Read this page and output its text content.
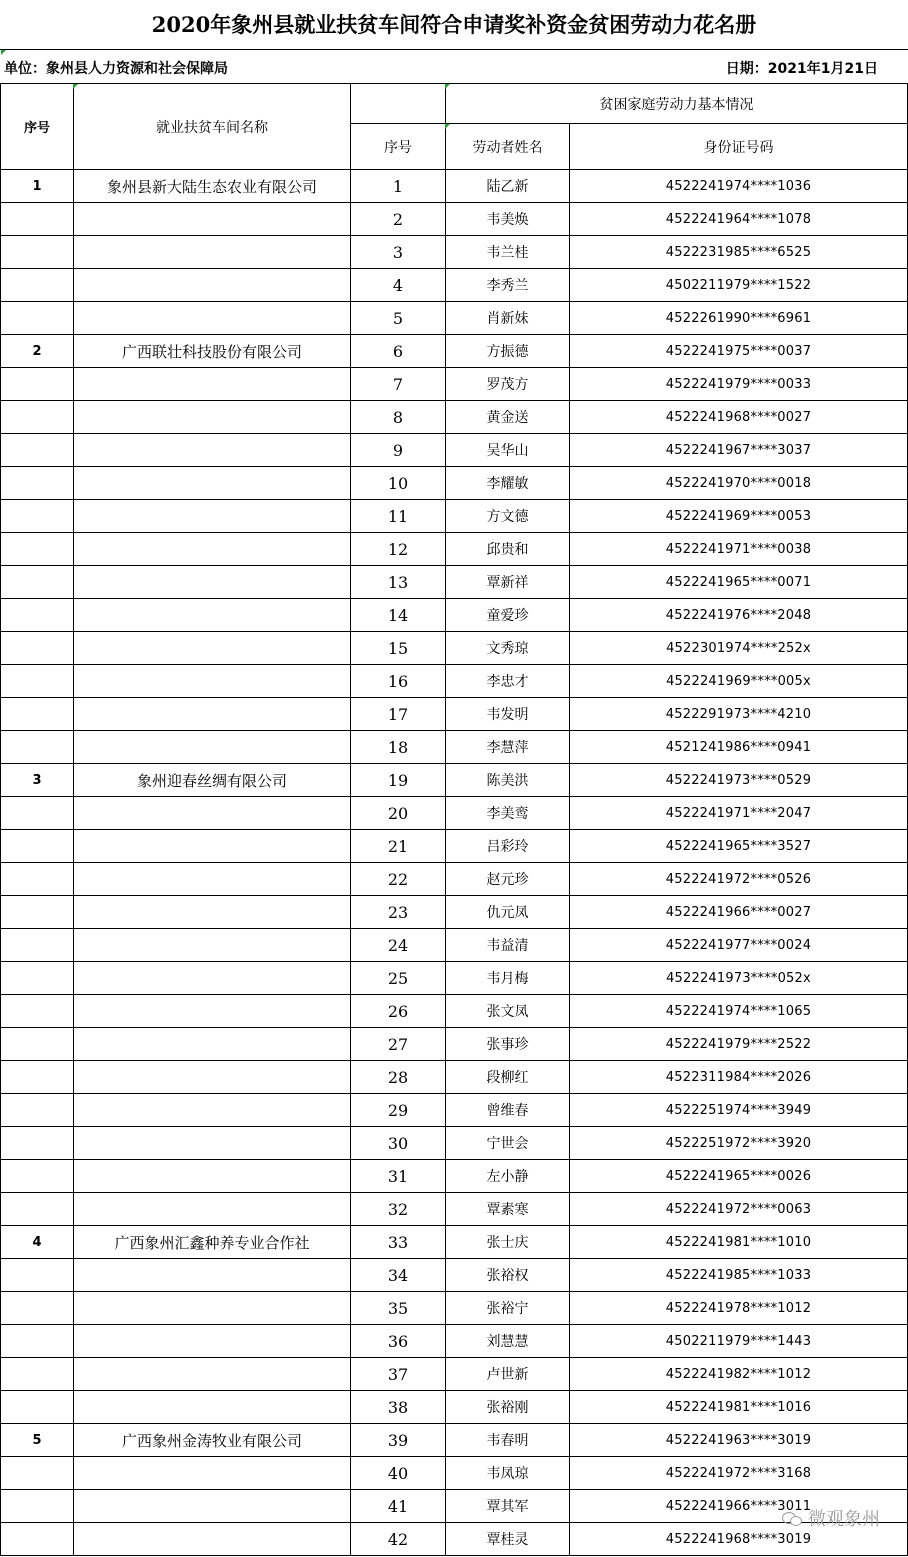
2020年象州县就业扶贫车间符合申请奖补资金贫困劳动力花名册
单位：象州县人力资源和社会保障局	日期：2021年1月21日
序号	就业扶贫车间名称		贫困家庭劳动力基本情况	
		序号	劳动者姓名	身份证号码
1	象州县新大陆生态农业有限公司	1	陆乙新	4522241974****1036
		2	韦美焕	4522241964****1078
		3	韦兰桂	4522231985****6525
		4	李秀兰	4502211979****1522
		5	肖新妹	4522261990****6961
2	广西联壮科技股份有限公司	6	方振德	4522241975****0037
		7	罗茂方	4522241979****0033
		8	黄金送	4522241968****0027
		9	吴华山	4522241967****3037
		10	李耀敏	4522241970****0018
		11	方文德	4522241969****0053
		12	邱贵和	4522241971****0038
		13	覃新祥	4522241965****0071
		14	童爱珍	4522241976****2048
		15	文秀琼	4522301974****252x
		16	李忠才	4522241969****005x
		17	韦发明	4522291973****4210
		18	李慧萍	4521241986****0941
3	象州迎春丝绸有限公司	19	陈美洪	4522241973****0529
		20	李美鸾	4522241971****2047
		21	吕彩玲	4522241965****3527
		22	赵元珍	4522241972****0526
		23	仇元凤	4522241966****0027
		24	韦益清	4522241977****0024
		25	韦月梅	4522241973****052x
		26	张文凤	4522241974****1065
		27	张事珍	4522241979****2522
		28	段柳红	4522311984****2026
		29	曾维春	4522251974****3949
		30	宁世会	4522251972****3920
		31	左小静	4522241965****0026
		32	覃素寒	4522241972****0063
4	广西象州汇鑫种养专业合作社	33	张士庆	4522241981****1010
		34	张裕权	4522241985****1033
		35	张裕宁	4522241978****1012
		36	刘慧慧	4502211979****1443
		37	卢世新	4522241982****1012
		38	张裕刚	4522241981****1016
5	广西象州金涛牧业有限公司	39	韦春明	4522241963****3019
		40	韦凤琼	4522241972****3168
		41	覃其军	4522241966****3011
		42	覃桂灵	4522241968****3019
微观象州
